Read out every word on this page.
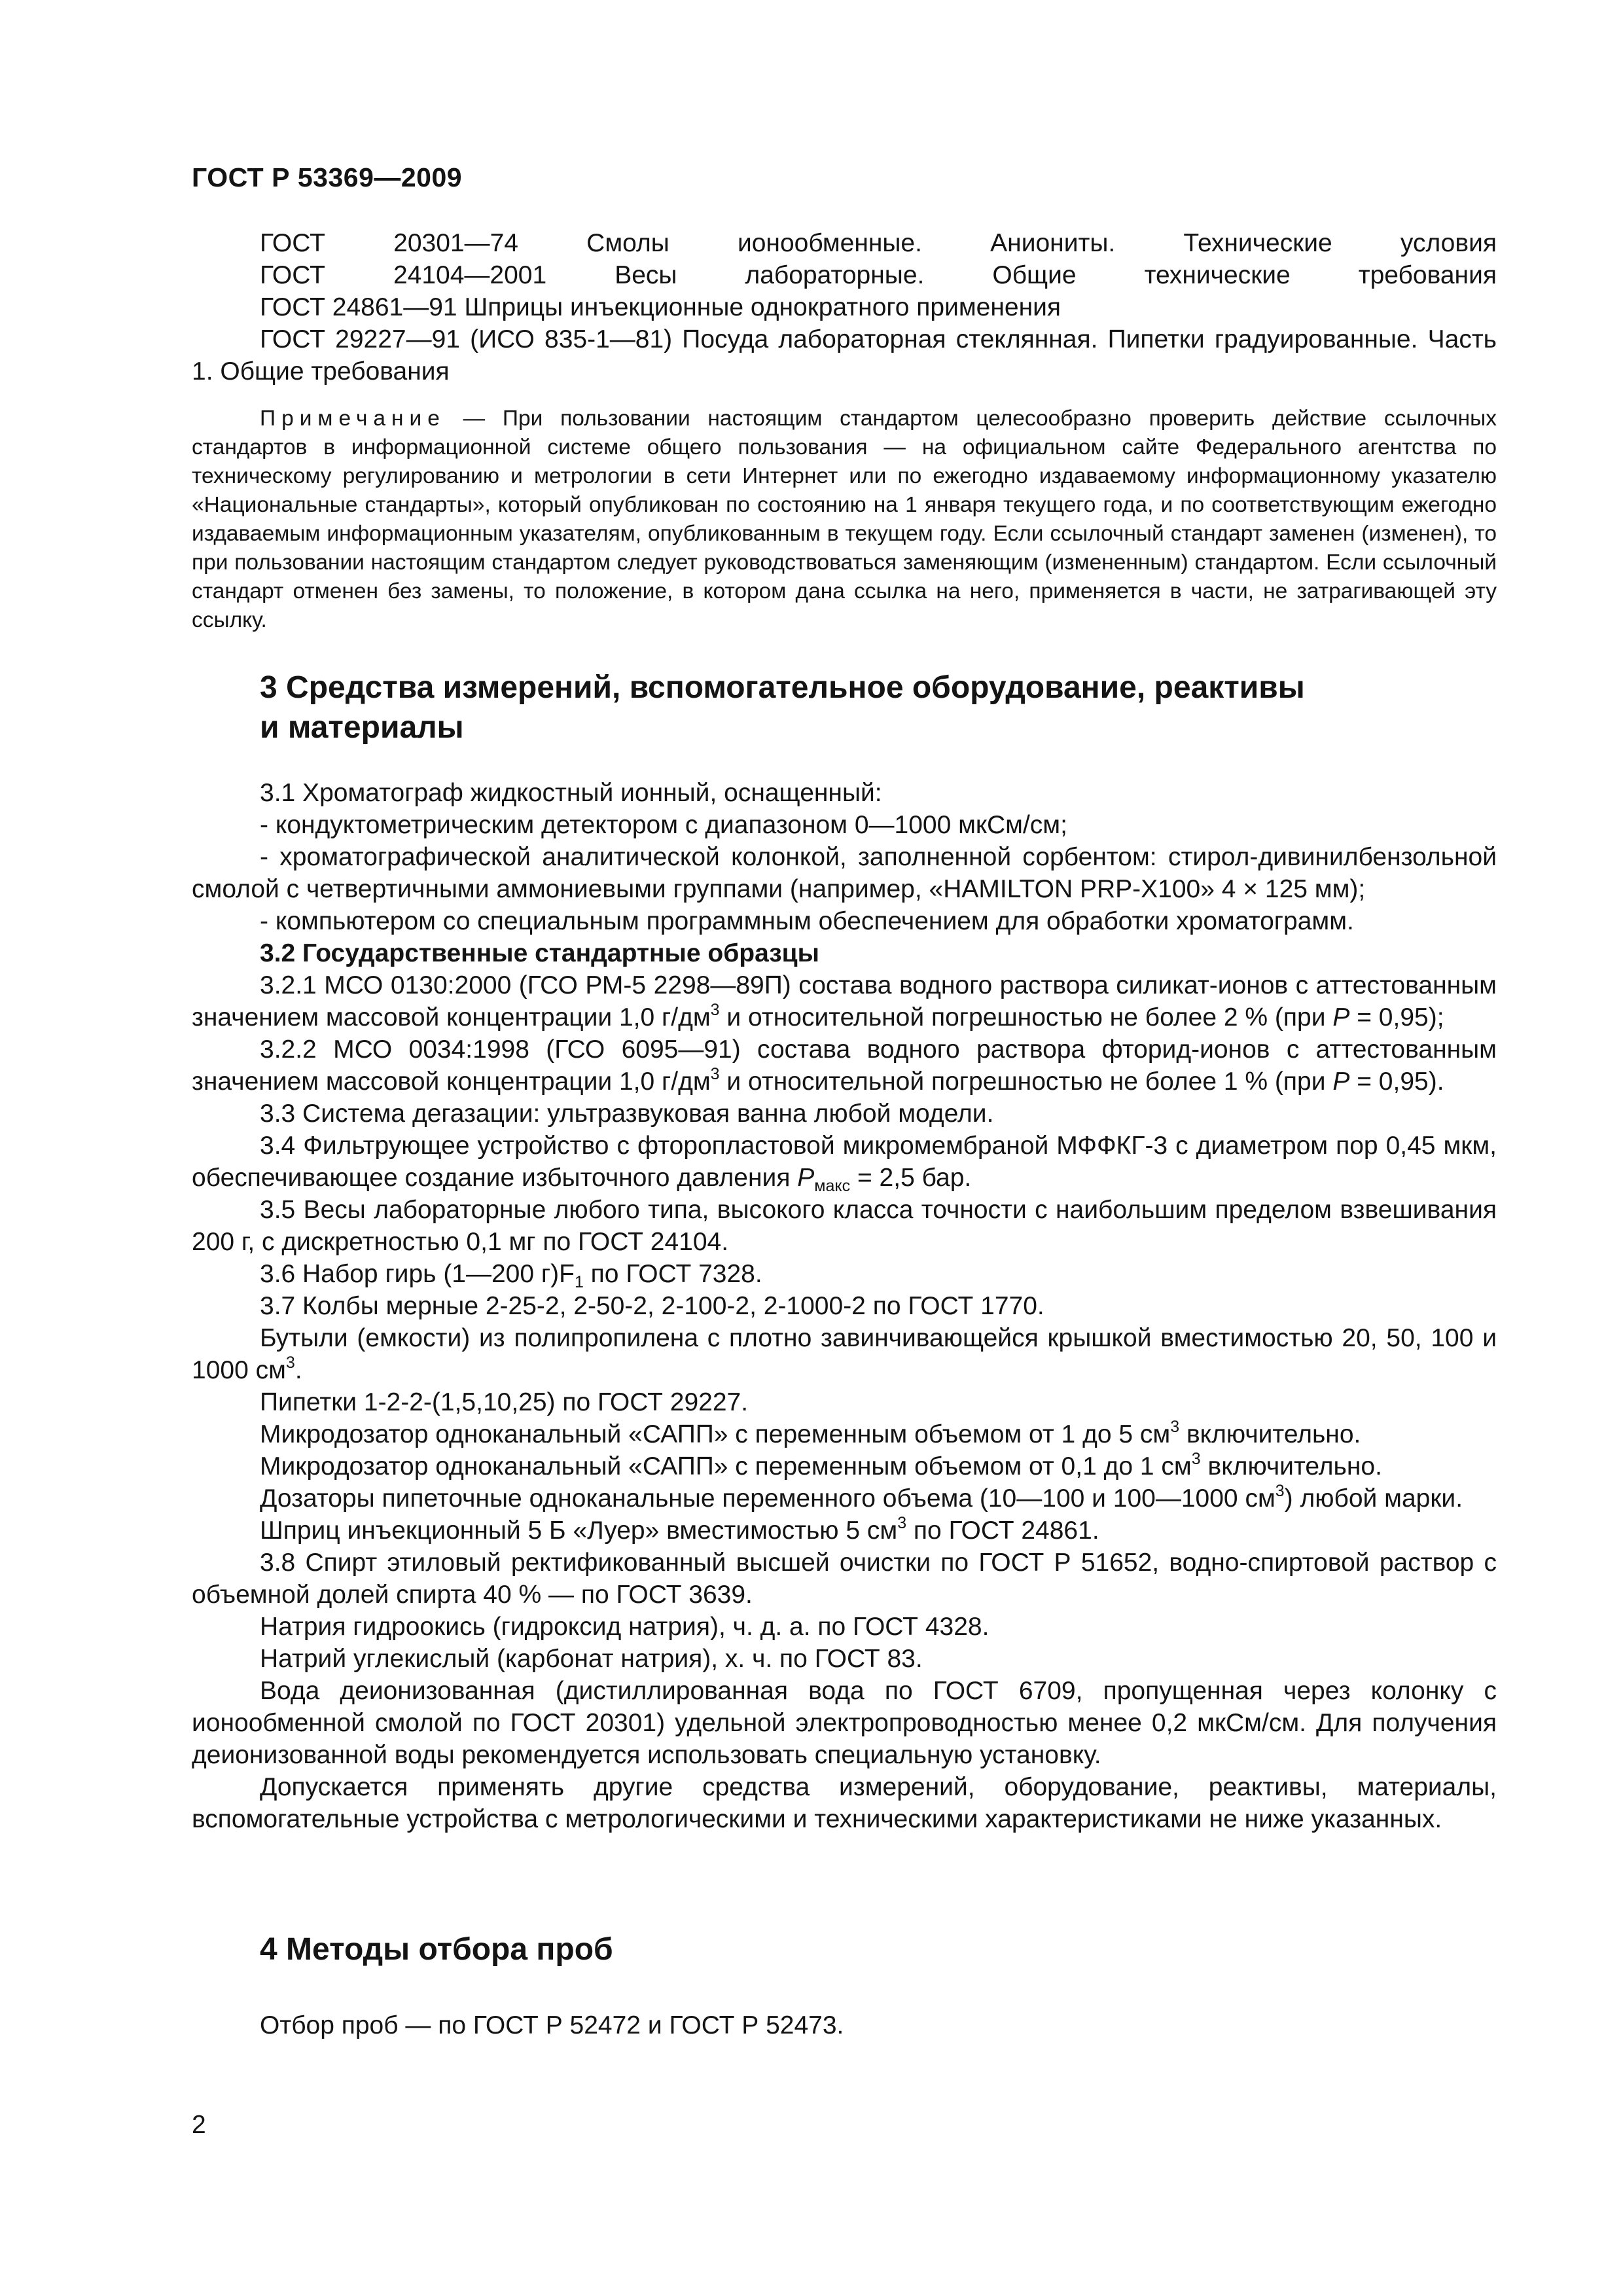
ГОСТ Р 53369—2009

ГОСТ 20301—74 Смолы ионообменные. Аниониты. Технические условия

ГОСТ 24104—2001 Весы лабораторные. Общие технические требования

ГОСТ 24861—91 Шприцы инъекционные однократного применения

ГОСТ 29227—91 (ИСО 835-1—81) Посуда лабораторная стеклянная. Пипетки градуированные. Часть 1. Общие требования

Примечание — При пользовании настоящим стандартом целесообразно проверить действие ссылочных стандартов в информационной системе общего пользования — на официальном сайте Федерального агентства по техническому регулированию и метрологии в сети Интернет или по ежегодно издаваемому информационному указателю «Национальные стандарты», который опубликован по состоянию на 1 января текущего года, и по соответствующим ежегодно издаваемым информационным указателям, опубликованным в текущем году. Если ссылочный стандарт заменен (изменен), то при пользовании настоящим стандартом следует руководствоваться заменяющим (измененным) стандартом. Если ссылочный стандарт отменен без замены, то положение, в котором дана ссылка на него, применяется в части, не затрагивающей эту ссылку.

3 Средства измерений, вспомогательное оборудование, реактивы
и материалы

3.1 Хроматограф жидкостный ионный, оснащенный:

- кондуктометрическим детектором с диапазоном 0—1000 мкСм/см;

- хроматографической аналитической колонкой, заполненной сорбентом: стирол-дивинилбензольной смолой с четвертичными аммониевыми группами (например, «HAMILTON PRP-X100» 4 × 125 мм);

- компьютером со специальным программным обеспечением для обработки хроматограмм.

3.2 Государственные стандартные образцы

3.2.1 МСО 0130:2000 (ГСО РМ-5 2298—89П) состава водного раствора силикат-ионов с аттестованным значением массовой концентрации 1,0 $г/дм^3$ и относительной погрешностью не более 2 % (при Р = 0,95);

3.2.2 МСО 0034:1998 (ГСО 6095—91) состава водного раствора фторид-ионов с аттестованным значением массовой концентрации 1,0 $г/дм^3$ и относительной погрешностью не более 1 % (при Р = 0,95).

3.3 Система дегазации: ультразвуковая ванна любой модели.

3.4 Фильтрующее устройство с фторопластовой микромембраной МФФКГ-3 с диаметром пор 0,45 мкм, обеспечивающее создание избыточного давления $Р_{макс} = 2,5$ бар.

3.5 Весы лабораторные любого типа, высокого класса точности с наибольшим пределом взвешивания 200 г, с дискретностью 0,1 мг по ГОСТ 24104.

3.6 Набор гирь (1—200 $г)F_1$ по ГОСТ 7328.

3.7 Колбы мерные 2-25-2, 2-50-2, 2-100-2, 2-1000-2 по ГОСТ 1770.

Бутыли (емкости) из полипропилена с плотно завинчивающейся крышкой вместимостью 20, 50, 100 и 1000 $см^3$.

Пипетки 1-2-2-(1,5,10,25) по ГОСТ 29227.

Микродозатор одноканальный «САПП» с переменным объемом от 1 до 5 $см^3$ включительно.

Микродозатор одноканальный «САПП» с переменным объемом от 0,1 до 1 $см^3$ включительно.

Дозаторы пипеточные одноканальные переменного объема (10—100 и 100—1000 $см^3$) любой марки.

Шприц инъекционный 5 Б «Луер» вместимостью 5 $см^3$ по ГОСТ 24861.

3.8 Спирт этиловый ректификованный высшей очистки по ГОСТ Р 51652, водно-спиртовой раствор с объемной долей спирта 40 % — по ГОСТ 3639.

Натрия гидроокись (гидроксид натрия), ч. д. а. по ГОСТ 4328.

Натрий углекислый (карбонат натрия), х. ч. по ГОСТ 83.

Вода деионизованная (дистиллированная вода по ГОСТ 6709, пропущенная через колонку с ионообменной смолой по ГОСТ 20301) удельной электропроводностью менее 0,2 мкСм/см. Для получения деионизованной воды рекомендуется использовать специальную установку.

Допускается применять другие средства измерений, оборудование, реактивы, материалы, вспомогательные устройства с метрологическими и техническими характеристиками не ниже указанных.

4 Методы отбора проб

Отбор проб — по ГОСТ Р 52472 и ГОСТ Р 52473.

2
